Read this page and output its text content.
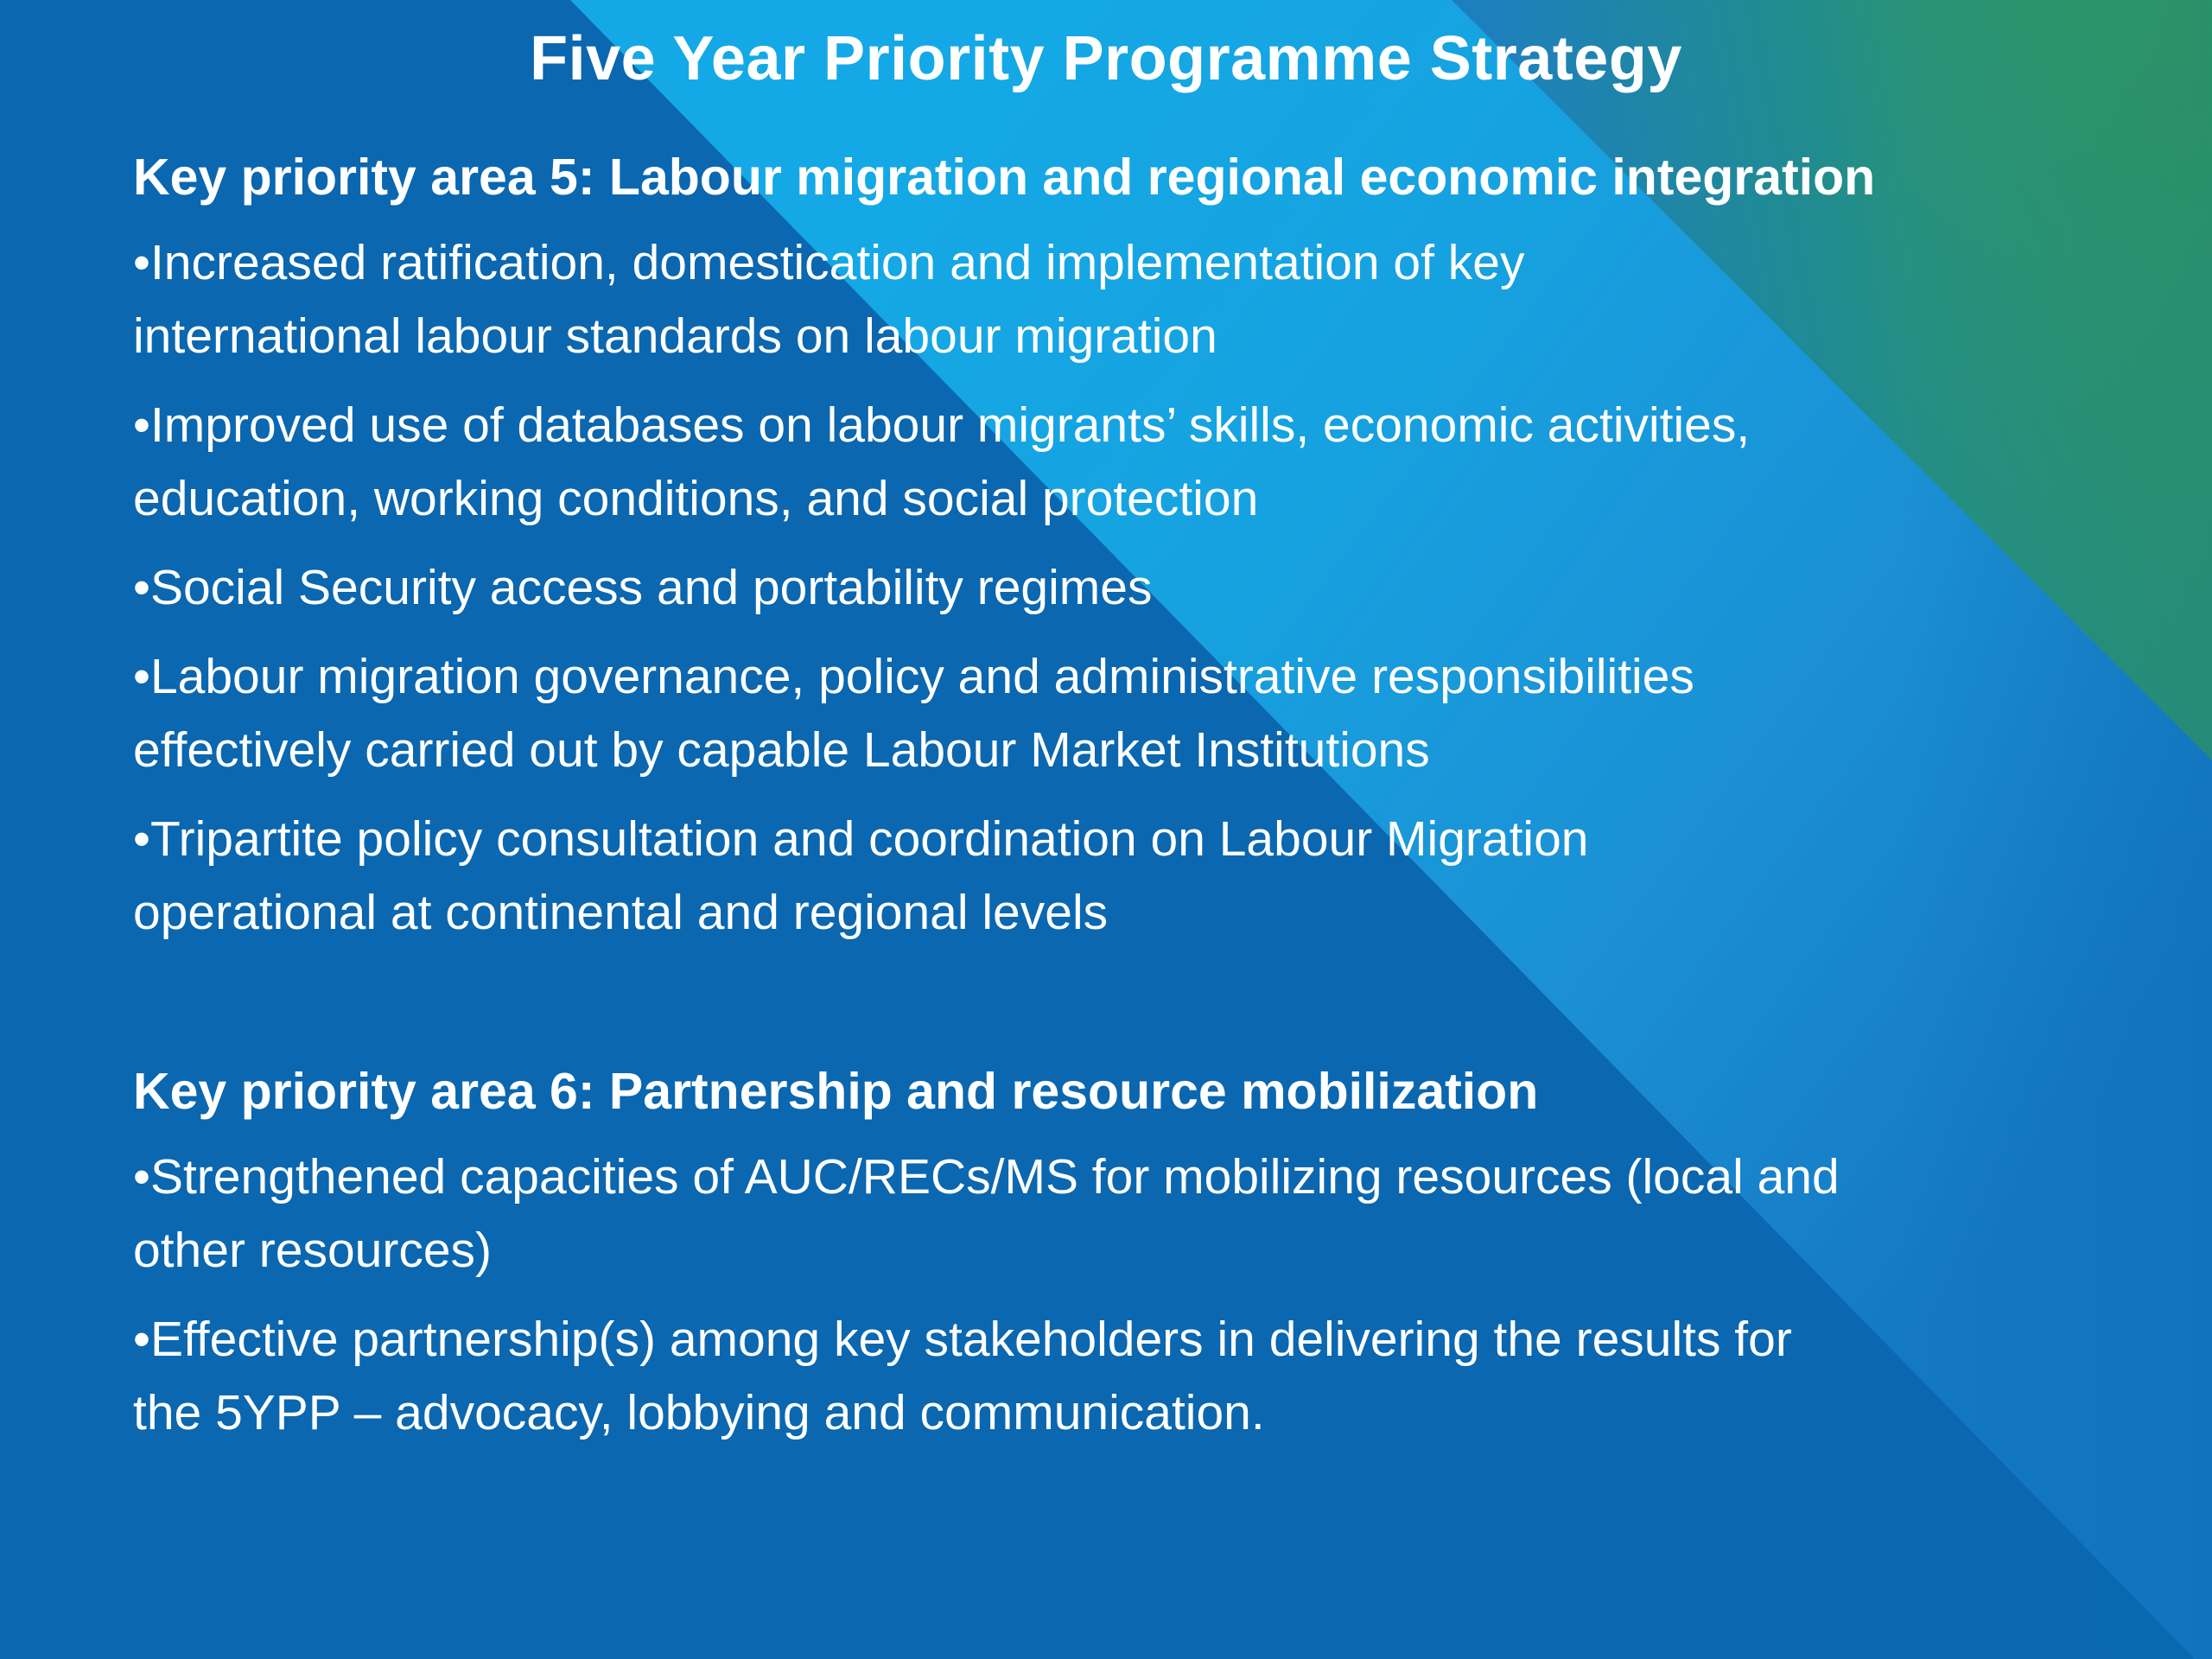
Five Year Priority Programme Strategy
Key priority area 5: Labour migration and regional economic integration
•Increased ratification, domestication and implementation of key
international labour standards on labour migration
•Improved use of databases on labour migrants’ skills, economic activities,
education, working conditions, and social protection
•Social Security access and portability regimes
•Labour migration governance, policy and administrative responsibilities
effectively carried out by capable Labour Market Institutions
•Tripartite policy consultation and coordination on Labour Migration
operational at continental and regional levels
Key priority area 6: Partnership and resource mobilization
•Strengthened capacities of AUC/RECs/MS for mobilizing resources (local and
other resources)
•Effective partnership(s) among key stakeholders in delivering the results for
the 5YPP – advocacy, lobbying and communication.
